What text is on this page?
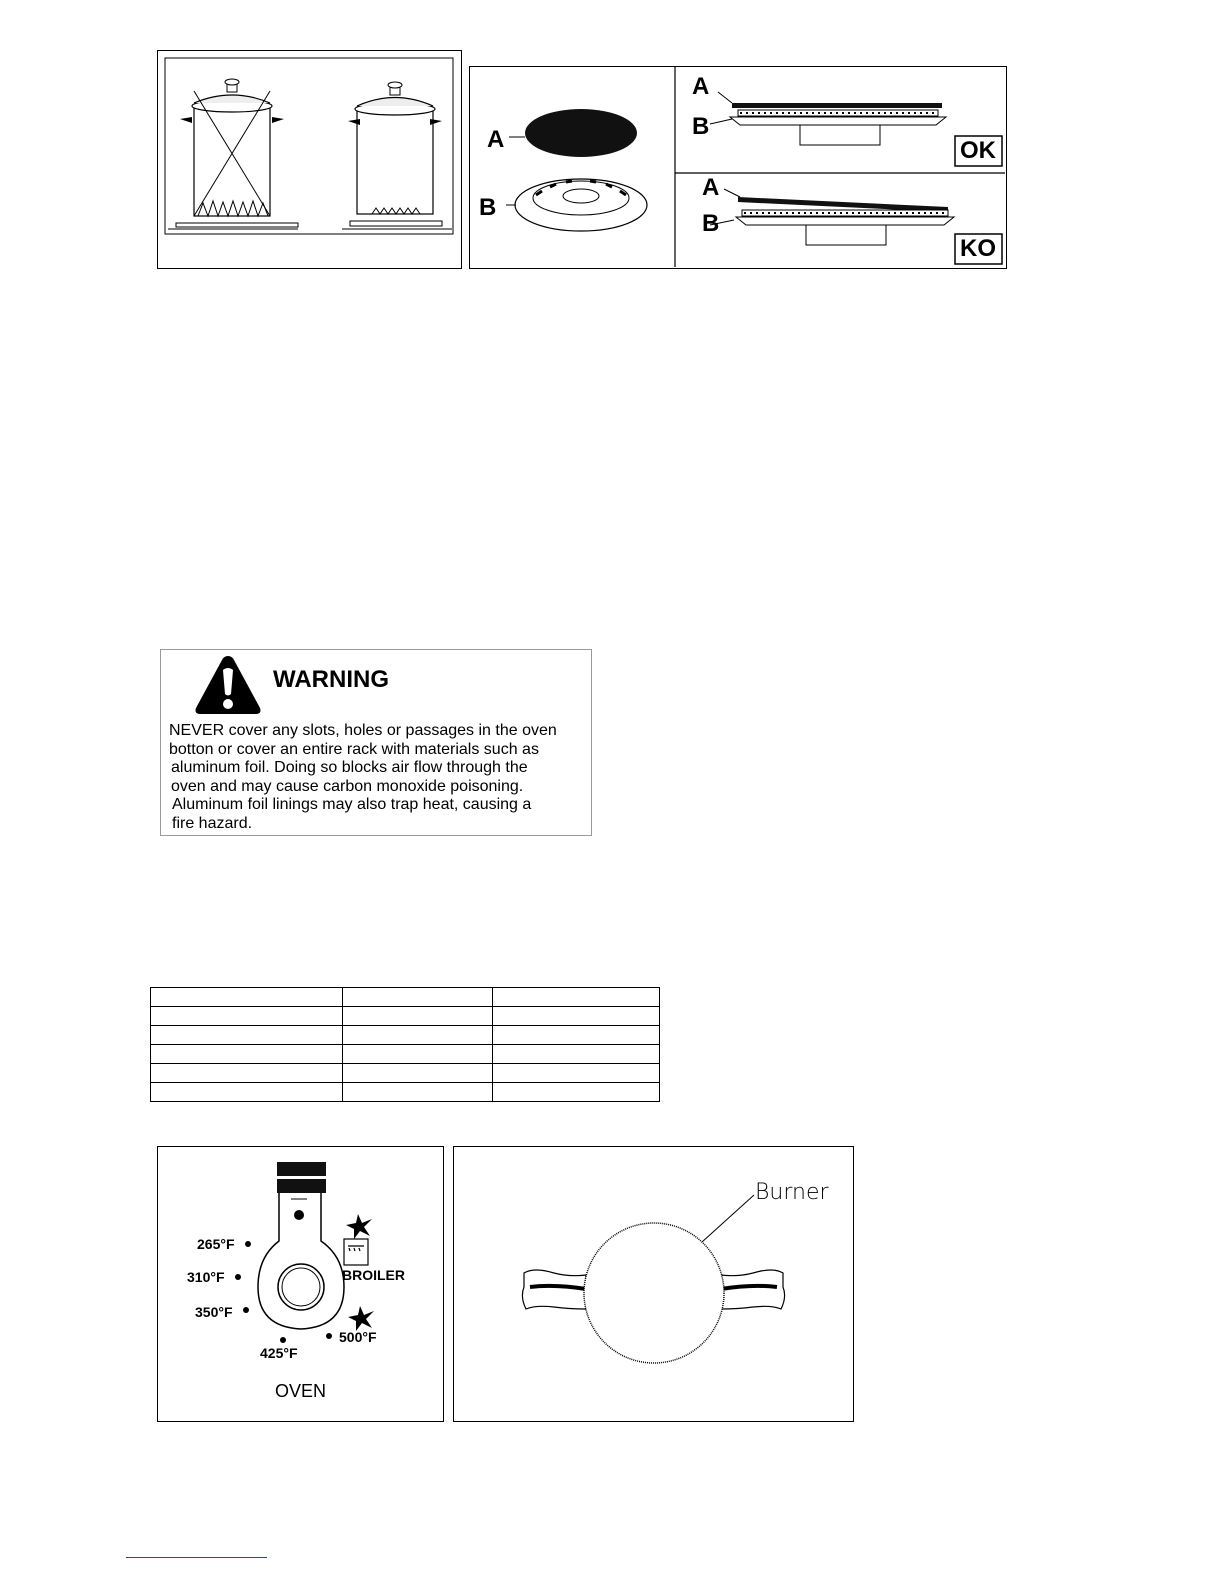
A
B
A
B
A
B
OK
KO
WARNING
NEVER cover any slots, holes or passages in the oven
botton or cover an entire rack with materials such as
aluminum foil. Doing so blocks air flow through the
oven and may cause carbon monoxide poisoning.
Aluminum foil linings may also trap heat, causing a
fire hazard.

265°F
310°F
350°F
425°F
500°F
BROILER
OVEN
Burner
